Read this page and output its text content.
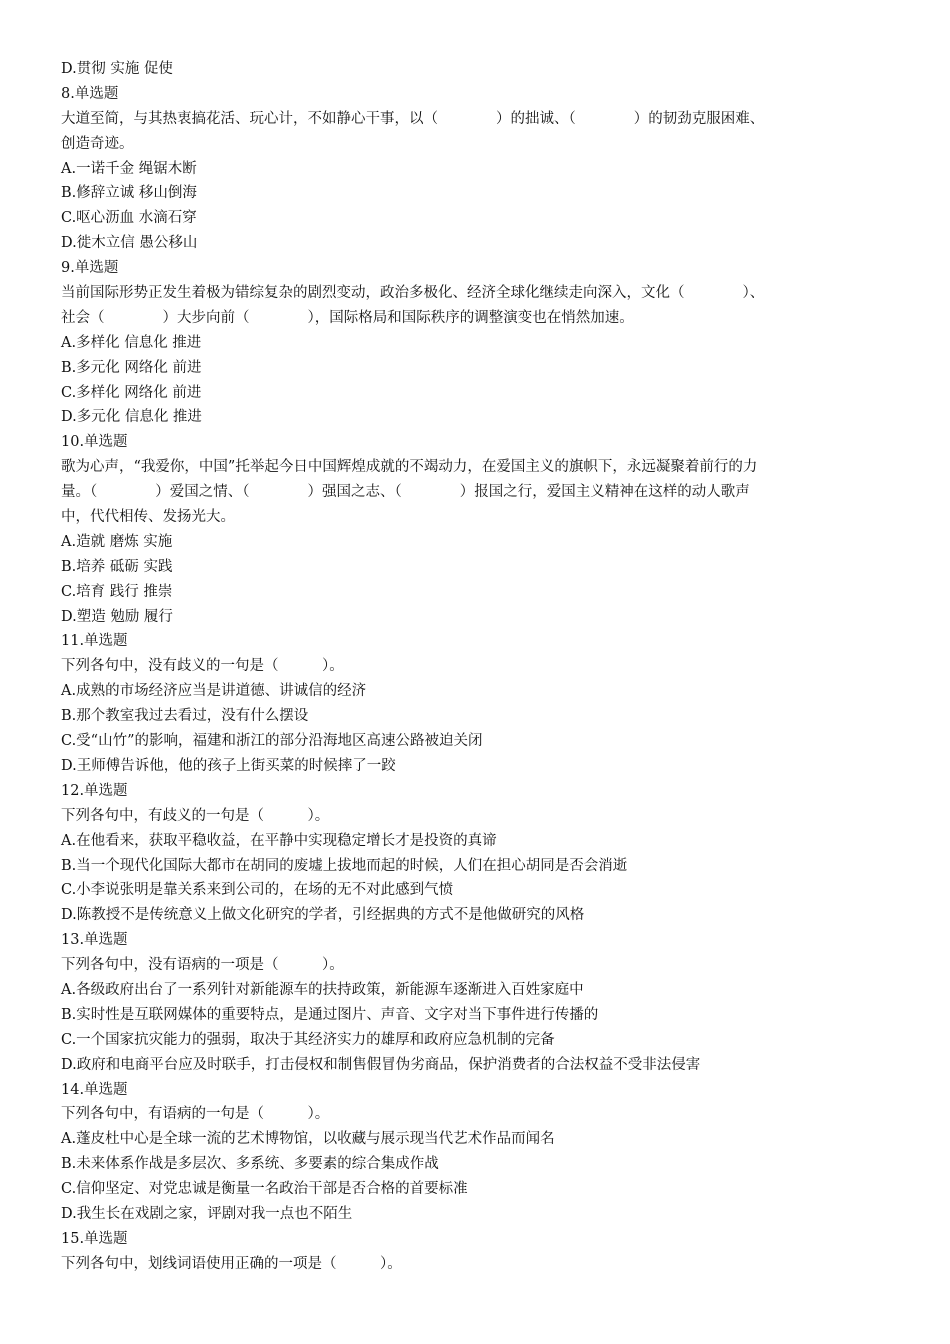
D.贯彻 实施 促使
8.单选题
大道至简，与其热衷搞花活、玩心计，不如静心干事，以（　　　　）的拙诚、（　　　　）的韧劲克服困难、
创造奇迹。
A.一诺千金 绳锯木断
B.修辞立诚 移山倒海
C.呕心沥血 水滴石穿
D.徙木立信 愚公移山
9.单选题
当前国际形势正发生着极为错综复杂的剧烈变动，政治多极化、经济全球化继续走向深入，文化（　　　　）、
社会（　　　　）大步向前（　　　　），国际格局和国际秩序的调整演变也在悄然加速。
A.多样化 信息化 推进
B.多元化 网络化 前进
C.多样化 网络化 前进
D.多元化 信息化 推进
10.单选题
歌为心声，“我爱你，中国”托举起今日中国辉煌成就的不竭动力，在爱国主义的旗帜下，永远凝聚着前行的力
量。（　　　　）爱国之情、（　　　　）强国之志、（　　　　）报国之行，爱国主义精神在这样的动人歌声
中，代代相传、发扬光大。
A.造就 磨炼 实施
B.培养 砥砺 实践
C.培育 践行 推崇
D.塑造 勉励 履行
11.单选题
下列各句中，没有歧义的一句是（　　　）。
A.成熟的市场经济应当是讲道德、讲诚信的经济
B.那个教室我过去看过，没有什么摆设
C.受“山竹”的影响，福建和浙江的部分沿海地区高速公路被迫关闭
D.王师傅告诉他，他的孩子上街买菜的时候摔了一跤
12.单选题
下列各句中，有歧义的一句是（　　　）。
A.在他看来，获取平稳收益，在平静中实现稳定增长才是投资的真谛
B.当一个现代化国际大都市在胡同的废墟上拔地而起的时候，人们在担心胡同是否会消逝
C.小李说张明是靠关系来到公司的，在场的无不对此感到气愤
D.陈教授不是传统意义上做文化研究的学者，引经据典的方式不是他做研究的风格
13.单选题
下列各句中，没有语病的一项是（　　　）。
A.各级政府出台了一系列针对新能源车的扶持政策，新能源车逐渐进入百姓家庭中
B.实时性是互联网媒体的重要特点，是通过图片、声音、文字对当下事件进行传播的
C.一个国家抗灾能力的强弱，取决于其经济实力的雄厚和政府应急机制的完备
D.政府和电商平台应及时联手，打击侵权和制售假冒伪劣商品，保护消费者的合法权益不受非法侵害
14.单选题
下列各句中，有语病的一句是（　　　）。
A.蓬皮杜中心是全球一流的艺术博物馆，以收藏与展示现当代艺术作品而闻名
B.未来体系作战是多层次、多系统、多要素的综合集成作战
C.信仰坚定、对党忠诚是衡量一名政治干部是否合格的首要标准
D.我生长在戏剧之家，评剧对我一点也不陌生
15.单选题
下列各句中，划线词语使用正确的一项是（　　　）。
